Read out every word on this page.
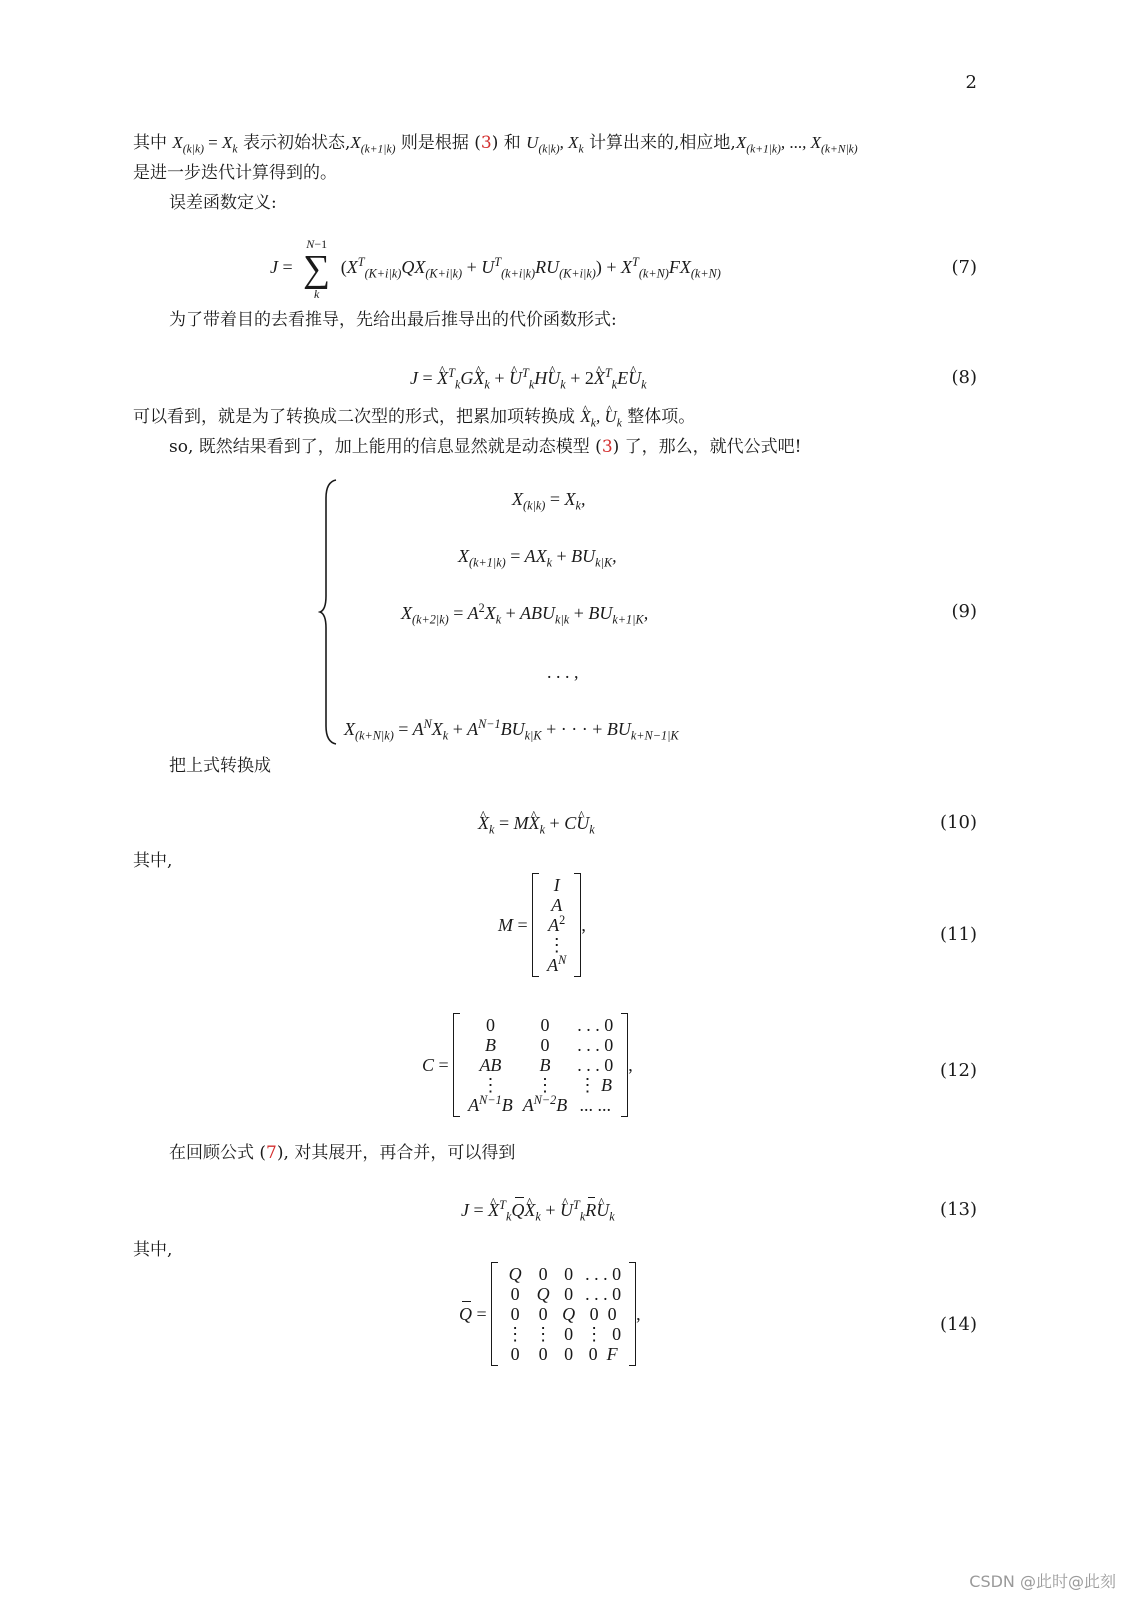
2
其中 $X_{(k|k)} = X_k$ 表示初始状态$,X_{(k+1|k)}$ 则是根据 (3) 和 $U_{(k|k)}$, $X_k$ 计算出来的,相应地$,X_{(k+1|k)}$, ..., $X_{(k+N|k)}$
是进一步迭代计算得到的。
误差函数定义:
J =
N−1
∑
k
$(X^T_{(K+i|k)}QX_{(K+i|k)} + U^T_{(k+i|k)}RU_{(K+i|k)}) + X^T_{(k+N)}FX_{(k+N)}$	(7)
为了带着目的去看推导，先给出最后推导出的代价函数形式:
J = ^ $X^T_kG\^{}$ $X_k$ + ^ $U^T_kH\^{}$ $U_k$ + 2^ $X^T_kE\^{}$ $U_k$	(8)
可以看到，就是为了转换成二次型的形式，把累加项转换成 ^ $X_k$, ^ $U_k$ 整体项。
so, 既然结果看到了，加上能用的信息显然就是动态模型 (3) 了，那么，就代公式吧!
$X_{(k|k)} = X_k$,
$X_{(k+1|k)} = AX_k + BU_{k|K}$,
$X_{(k+2|k)} = A^2X_k + ABU_{k|k} + BU_{k+1|K}$,
. . . ,
$X_{(k+N|k)} = A^NX_k + A^{N-1}BU_{k|K}$ + · · · + $BU_{k+N-1|K}$
(9)
把上式转换成
^ $X_k$ = M^ $X_k$ + C^ $U_k$	(10)
其中,
M =
I
A
$A^2$
⋮
$A^N$
,	(11)
C =
0	0	. . . 0
B	0	. . . 0
AB	B	. . . 0
⋮	⋮	⋮ B
$A^{N-1}B$	$A^{N-2}B$	... ...
,	(12)
在回顾公式 (7), 对其展开，再合并，可以得到
J = ^ $X^T_kQ\^{}$ $X_k$ + ^ $U^T_kR\^{}$ $U_k$	(13)
其中,
Q =
Q	0	0	. . . 0
0	Q	0	. . . 0
0	0	Q	0  0
⋮	⋮	0	⋮  0
0	0	0	0  F
,	(14)
CSDN @此时@此刻
